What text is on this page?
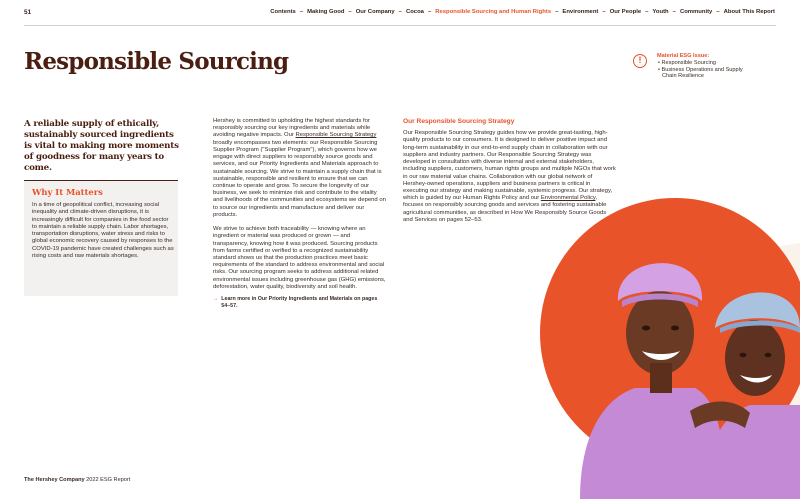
51	Contents – Making Good – Our Company – Cocoa – Responsible Sourcing and Human Rights – Environment – Our People – Youth – Community – About This Report
Responsible Sourcing	!	Material ESG Issue:
• Responsible Sourcing
• Business Operations and Supply
Chain Resilience
A reliable supply of ethically, sustainably sourced ingredients is vital to making more moments of goodness for many years to come.
Why It Matters
In a time of geopolitical conflict, increasing social inequality and climate-driven disruptions, it is increasingly difficult for companies in the food sector to maintain a reliable supply chain. Labor shortages, transportation disruptions, water stress and risks to global economic recovery caused by responses to the COVID-19 pandemic have created challenges such as rising costs and raw materials shortages.

Hershey is committed to upholding the highest standards for responsibly sourcing our key ingredients and materials while avoiding negative impacts. Our Responsible Sourcing Strategy broadly encompasses two elements: our Responsible Sourcing Supplier Program ("Supplier Program"), which governs how we engage with direct suppliers to responsibly source goods and services, and our Priority Ingredients and Materials approach to sustainable sourcing. We strive to maintain a supply chain that is sustainable, responsible and resilient to ensure that we can continue to operate and grow. To secure the longevity of our business, we seek to minimize risk and contribute to the vitality and livelihoods of the communities and ecosystems we depend on to source our ingredients and manufacture and deliver our products.

We strive to achieve both traceability — knowing where an ingredient or material was produced or grown — and transparency, knowing how it was produced. Sourcing products from farms certified or verified to a recognized sustainability standard shows us that the production practices meet basic requirements of the standard to address environmental and social risks. Our sourcing program seeks to address additional related environmental issues including greenhouse gas (GHG) emissions, deforestation, water quality, biodiversity and soil health.

→ Learn more in Our Priority Ingredients and Materials on pages 54–57.
Our Responsible Sourcing Strategy

Our Responsible Sourcing Strategy guides how we provide great-tasting, high-quality products to our consumers. It is designed to deliver positive impact and long-term sustainability in our end-to-end supply chain in collaboration with our suppliers and industry partners. Our Responsible Sourcing Strategy was developed in consultation with diverse internal and external stakeholders, including suppliers, customers, human rights groups and multiple NGOs that work in our raw material value chains. Collaboration with our global network of Hershey-owned operations, suppliers and business partners is critical in executing our strategy and making sustainable, systemic progress. Our strategy, which is guided by our Human Rights Policy and our Environmental Policy, focuses on responsibly sourcing goods and services and fostering sustainable agricultural communities, as described in How We Responsibly Source Goods and Services on pages 52–53.

The Hershey Company 2022 ESG Report
